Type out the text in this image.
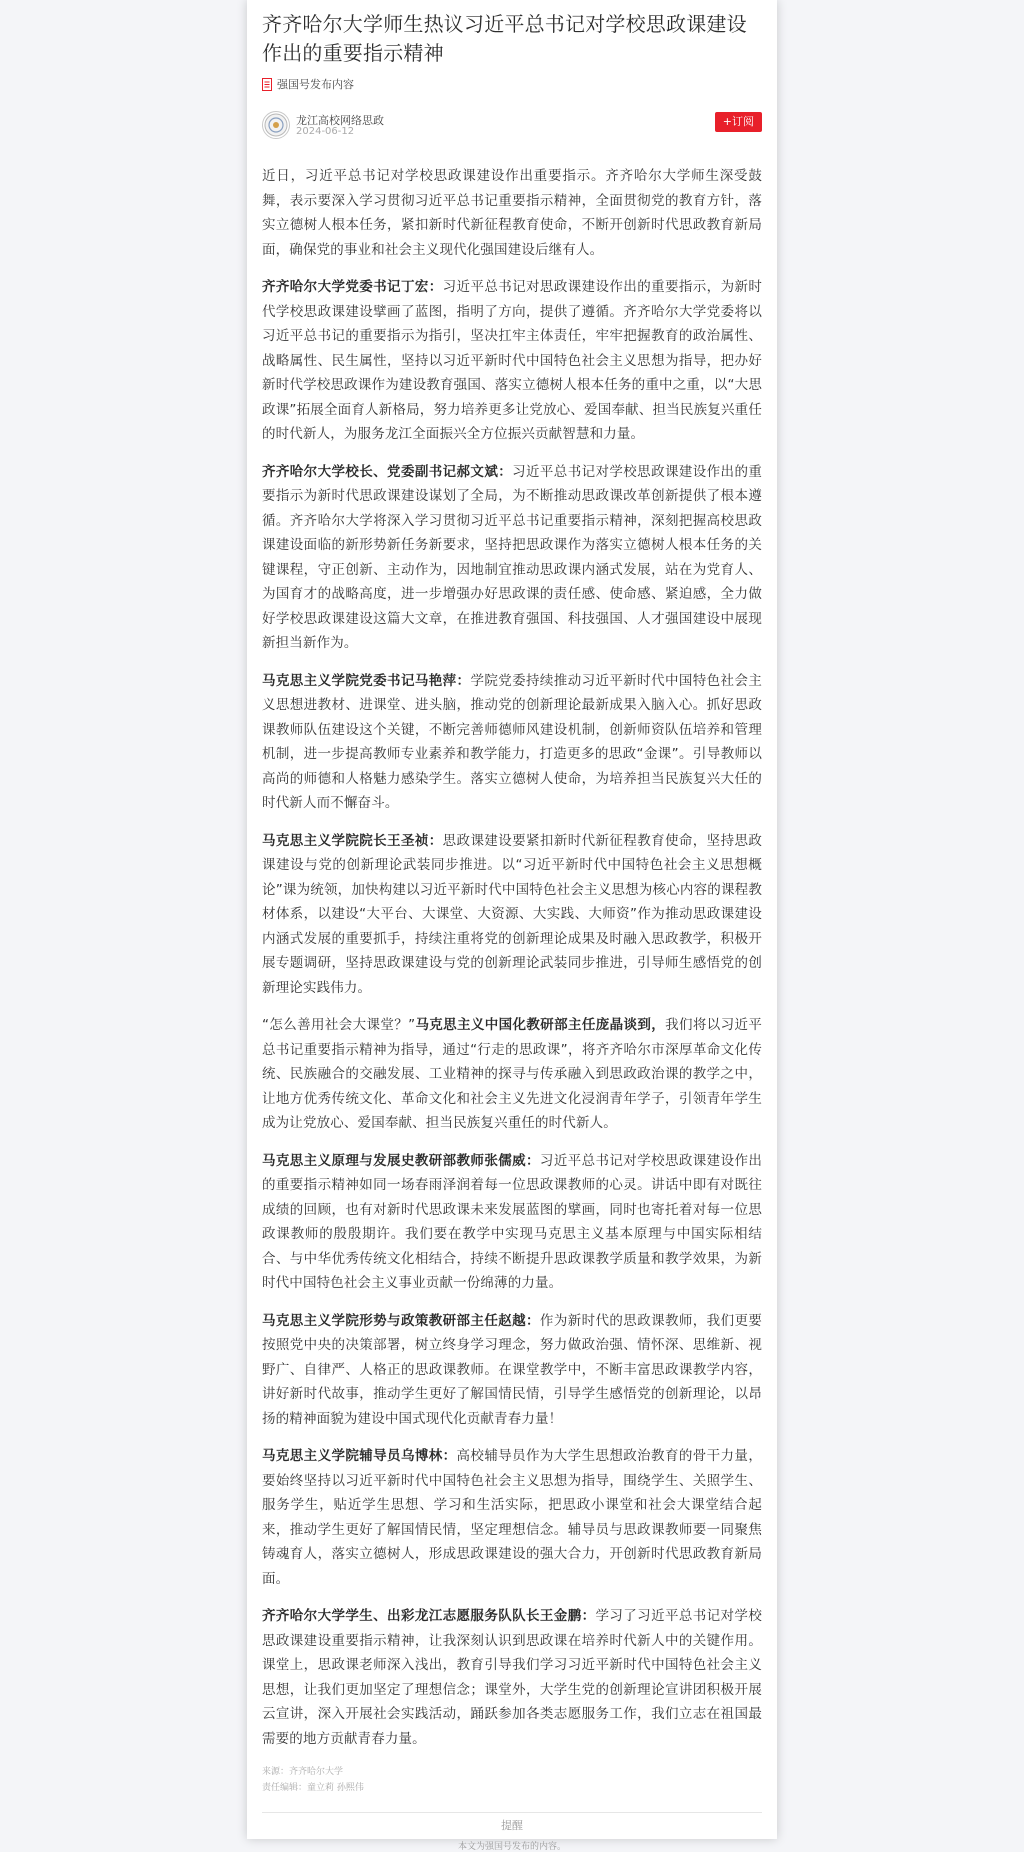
齐齐哈尔大学师生热议习近平总书记对学校思政课建设作出的重要指示精神
强国号发布内容
龙江高校网络思政
2024-06-12
+订阅

近日，习近平总书记对学校思政课建设作出重要指示。齐齐哈尔大学师生深受鼓舞，表示要深入学习贯彻习近平总书记重要指示精神，全面贯彻党的教育方针，落实立德树人根本任务，紧扣新时代新征程教育使命，不断开创新时代思政教育新局面，确保党的事业和社会主义现代化强国建设后继有人。

齐齐哈尔大学党委书记丁宏：习近平总书记对思政课建设作出的重要指示，为新时代学校思政课建设擘画了蓝图，指明了方向，提供了遵循。齐齐哈尔大学党委将以习近平总书记的重要指示为指引，坚决扛牢主体责任，牢牢把握教育的政治属性、战略属性、民生属性，坚持以习近平新时代中国特色社会主义思想为指导，把办好新时代学校思政课作为建设教育强国、落实立德树人根本任务的重中之重，以“大思政课”拓展全面育人新格局，努力培养更多让党放心、爱国奉献、担当民族复兴重任的时代新人，为服务龙江全面振兴全方位振兴贡献智慧和力量。

齐齐哈尔大学校长、党委副书记郝文斌：习近平总书记对学校思政课建设作出的重要指示为新时代思政课建设谋划了全局，为不断推动思政课改革创新提供了根本遵循。齐齐哈尔大学将深入学习贯彻习近平总书记重要指示精神，深刻把握高校思政课建设面临的新形势新任务新要求，坚持把思政课作为落实立德树人根本任务的关键课程，守正创新、主动作为，因地制宜推动思政课内涵式发展，站在为党育人、为国育才的战略高度，进一步增强办好思政课的责任感、使命感、紧迫感，全力做好学校思政课建设这篇大文章，在推进教育强国、科技强国、人才强国建设中展现新担当新作为。

马克思主义学院党委书记马艳萍：学院党委持续推动习近平新时代中国特色社会主义思想进教材、进课堂、进头脑，推动党的创新理论最新成果入脑入心。抓好思政课教师队伍建设这个关键，不断完善师德师风建设机制，创新师资队伍培养和管理机制，进一步提高教师专业素养和教学能力，打造更多的思政“金课”。引导教师以高尚的师德和人格魅力感染学生。落实立德树人使命，为培养担当民族复兴大任的时代新人而不懈奋斗。

马克思主义学院院长王圣祯：思政课建设要紧扣新时代新征程教育使命，坚持思政课建设与党的创新理论武装同步推进。以“习近平新时代中国特色社会主义思想概论”课为统领，加快构建以习近平新时代中国特色社会主义思想为核心内容的课程教材体系，以建设“大平台、大课堂、大资源、大实践、大师资”作为推动思政课建设内涵式发展的重要抓手，持续注重将党的创新理论成果及时融入思政教学，积极开展专题调研，坚持思政课建设与党的创新理论武装同步推进，引导师生感悟党的创新理论实践伟力。

“怎么善用社会大课堂？”马克思主义中国化教研部主任庞晶谈到，我们将以习近平总书记重要指示精神为指导，通过“行走的思政课”，将齐齐哈尔市深厚革命文化传统、民族融合的交融发展、工业精神的探寻与传承融入到思政政治课的教学之中，让地方优秀传统文化、革命文化和社会主义先进文化浸润青年学子，引领青年学生成为让党放心、爱国奉献、担当民族复兴重任的时代新人。

马克思主义原理与发展史教研部教师张儒威：习近平总书记对学校思政课建设作出的重要指示精神如同一场春雨泽润着每一位思政课教师的心灵。讲话中即有对既往成绩的回顾，也有对新时代思政课未来发展蓝图的擘画，同时也寄托着对每一位思政课教师的殷殷期许。我们要在教学中实现马克思主义基本原理与中国实际相结合、与中华优秀传统文化相结合，持续不断提升思政课教学质量和教学效果，为新时代中国特色社会主义事业贡献一份绵薄的力量。

马克思主义学院形势与政策教研部主任赵越：作为新时代的思政课教师，我们更要按照党中央的决策部署，树立终身学习理念，努力做政治强、情怀深、思维新、视野广、自律严、人格正的思政课教师。在课堂教学中，不断丰富思政课教学内容，讲好新时代故事，推动学生更好了解国情民情，引导学生感悟党的创新理论，以昂扬的精神面貌为建设中国式现代化贡献青春力量！

马克思主义学院辅导员乌博林：高校辅导员作为大学生思想政治教育的骨干力量，要始终坚持以习近平新时代中国特色社会主义思想为指导，围绕学生、关照学生、服务学生，贴近学生思想、学习和生活实际，把思政小课堂和社会大课堂结合起来，推动学生更好了解国情民情，坚定理想信念。辅导员与思政课教师要一同聚焦铸魂育人，落实立德树人，形成思政课建设的强大合力，开创新时代思政教育新局面。

齐齐哈尔大学学生、出彩龙江志愿服务队队长王金鹏：学习了习近平总书记对学校思政课建设重要指示精神，让我深刻认识到思政课在培养时代新人中的关键作用。课堂上，思政课老师深入浅出，教育引导我们学习习近平新时代中国特色社会主义思想，让我们更加坚定了理想信念；课堂外，大学生党的创新理论宣讲团积极开展云宣讲，深入开展社会实践活动，踊跃参加各类志愿服务工作，我们立志在祖国最需要的地方贡献青春力量。

来源：齐齐哈尔大学
责任编辑：童立莉 孙熙伟
提醒
本文为强国号发布的内容。
